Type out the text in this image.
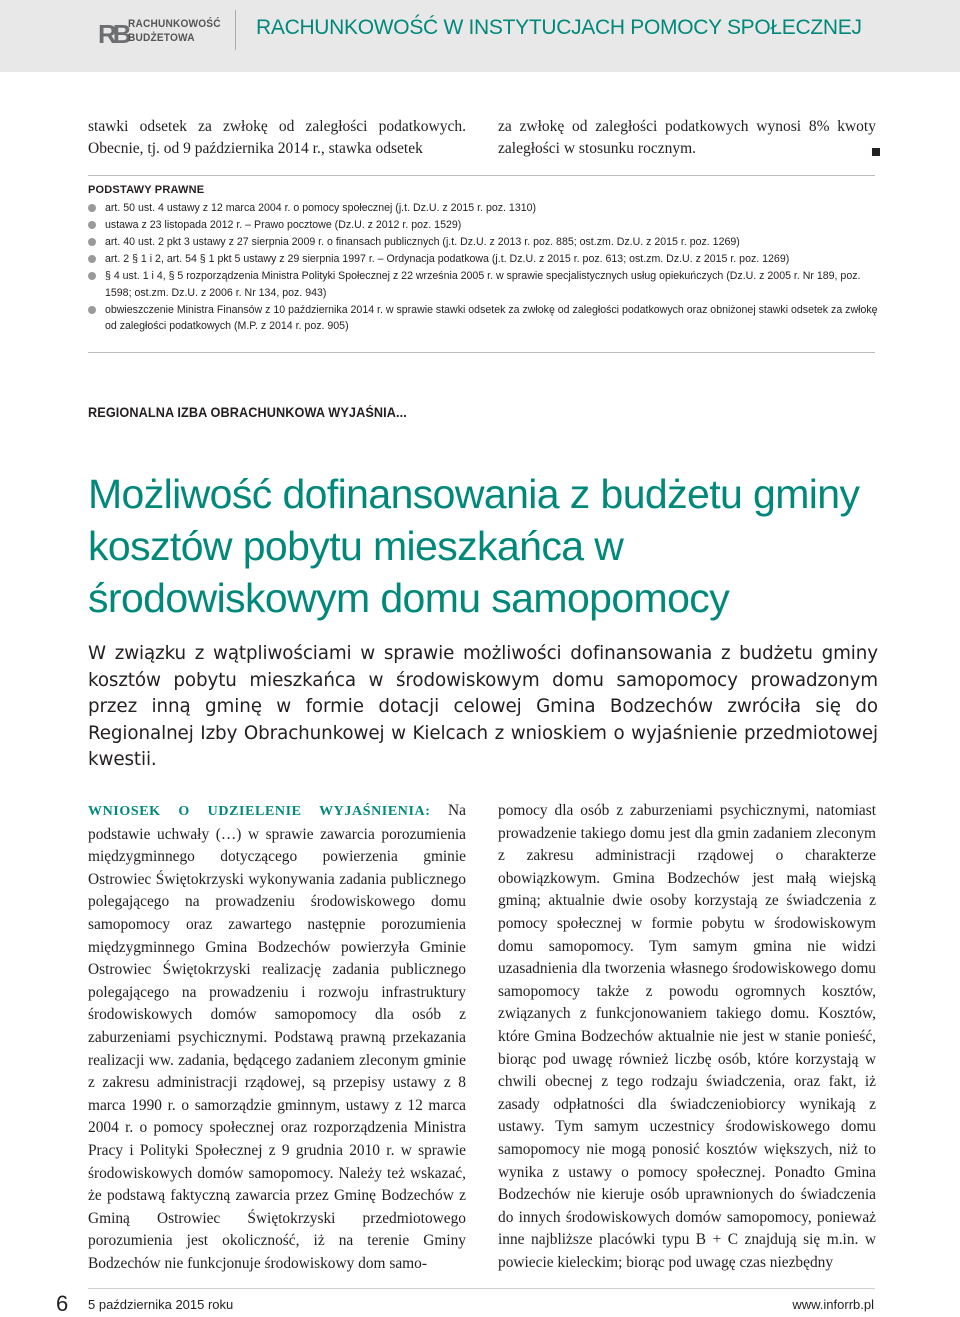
RB RACHUNKOWOŚĆ
BUDŻETOWA	RACHUNKOWOŚĆ W INSTYTUCJACH POMOCY SPOŁECZNEJ
stawki odsetek za zwłokę od zaległości podatkowych. Obecnie, tj. od 9 października 2014 r., stawka odsetek
za zwłokę od zaległości podatkowych wynosi 8% kwoty zaległości w stosunku rocznym.
PODSTAWY PRAWNE
art. 50 ust. 4 ustawy z 12 marca 2004 r. o pomocy społecznej (j.t. Dz.U. z 2015 r. poz. 1310)
ustawa z 23 listopada 2012 r. – Prawo pocztowe (Dz.U. z 2012 r. poz. 1529)
art. 40 ust. 2 pkt 3 ustawy z 27 sierpnia 2009 r. o finansach publicznych (j.t. Dz.U. z 2013 r. poz. 885; ost.zm. Dz.U. z 2015 r. poz. 1269)
art. 2 § 1 i 2, art. 54 § 1 pkt 5 ustawy z 29 sierpnia 1997 r. – Ordynacja podatkowa (j.t. Dz.U. z 2015 r. poz. 613; ost.zm. Dz.U. z 2015 r. poz. 1269)
§ 4 ust. 1 i 4, § 5 rozporządzenia Ministra Polityki Społecznej z 22 września 2005 r. w sprawie specjalistycznych usług opiekuńczych (Dz.U. z 2005 r. Nr 189, poz. 1598; ost.zm. Dz.U. z 2006 r. Nr 134, poz. 943)
obwieszczenie Ministra Finansów z 10 października 2014 r. w sprawie stawki odsetek za zwłokę od zaległości podatkowych oraz obniżonej stawki odsetek za zwłokę od zaległości podatkowych (M.P. z 2014 r. poz. 905)
REGIONALNA IZBA OBRACHUNKOWA WYJAŚNIA...
Możliwość dofinansowania z budżetu gminy kosztów pobytu mieszkańca w środowiskowym domu samopomocy

W związku z wątpliwościami w sprawie możliwości dofinansowania z budżetu gminy kosztów pobytu mieszkańca w środowiskowym domu samopomocy prowadzonym przez inną gminę w formie dotacji celowej Gmina Bodzechów zwróciła się do Regionalnej Izby Obrachunkowej w Kielcach z wnioskiem o wyjaśnienie przedmiotowej kwestii.

WNIOSEK O UDZIELENIE WYJAŚNIENIA: Na podstawie uchwały (…) w sprawie zawarcia porozumienia międzygminnego dotyczącego powierzenia gminie Ostrowiec Świętokrzyski wykonywania zadania publicznego polegającego na prowadzeniu środowiskowego domu samopomocy oraz zawartego następnie porozumienia międzygminnego Gmina Bodzechów powierzyła Gminie Ostrowiec Świętokrzyski realizację zadania publicznego polegającego na prowadzeniu i rozwoju infrastruktury środowiskowych domów samopomocy dla osób z zaburzeniami psychicznymi. Podstawą prawną przekazania realizacji ww. zadania, będącego zadaniem zleconym gminie z zakresu administracji rządowej, są przepisy ustawy z 8 marca 1990 r. o samorządzie gminnym, ustawy z 12 marca 2004 r. o pomocy społecznej oraz rozporządzenia Ministra Pracy i Polityki Społecznej z 9 grudnia 2010 r. w sprawie środowiskowych domów samopomocy. Należy też wskazać, że podstawą faktyczną zawarcia przez Gminę Bodzechów z Gminą Ostrowiec Świętokrzyski przedmiotowego porozumienia jest okoliczność, iż na terenie Gminy Bodzechów nie funkcjonuje środowiskowy dom samo-

pomocy dla osób z zaburzeniami psychicznymi, natomiast prowadzenie takiego domu jest dla gmin zadaniem zleconym z zakresu administracji rządowej o charakterze obowiązkowym. Gmina Bodzechów jest małą wiejską gminą; aktualnie dwie osoby korzystają ze świadczenia z pomocy społecznej w formie pobytu w środowiskowym domu samopomocy. Tym samym gmina nie widzi uzasadnienia dla tworzenia własnego środowiskowego domu samopomocy także z powodu ogromnych kosztów, związanych z funkcjonowaniem takiego domu. Kosztów, które Gmina Bodzechów aktualnie nie jest w stanie ponieść, biorąc pod uwagę również liczbę osób, które korzystają w chwili obecnej z tego rodzaju świadczenia, oraz fakt, iż zasady odpłatności dla świadczeniobiorcy wynikają z ustawy. Tym samym uczestnicy środowiskowego domu samopomocy nie mogą ponosić kosztów większych, niż to wynika z ustawy o pomocy społecznej. Ponadto Gmina Bodzechów nie kieruje osób uprawnionych do świadczenia do innych środowiskowych domów samopomocy, ponieważ inne najbliższe placówki typu B + C znajdują się m.in. w powiecie kieleckim; biorąc pod uwagę czas niezbędny

6 5 października 2015 roku	www.inforrb.pl
